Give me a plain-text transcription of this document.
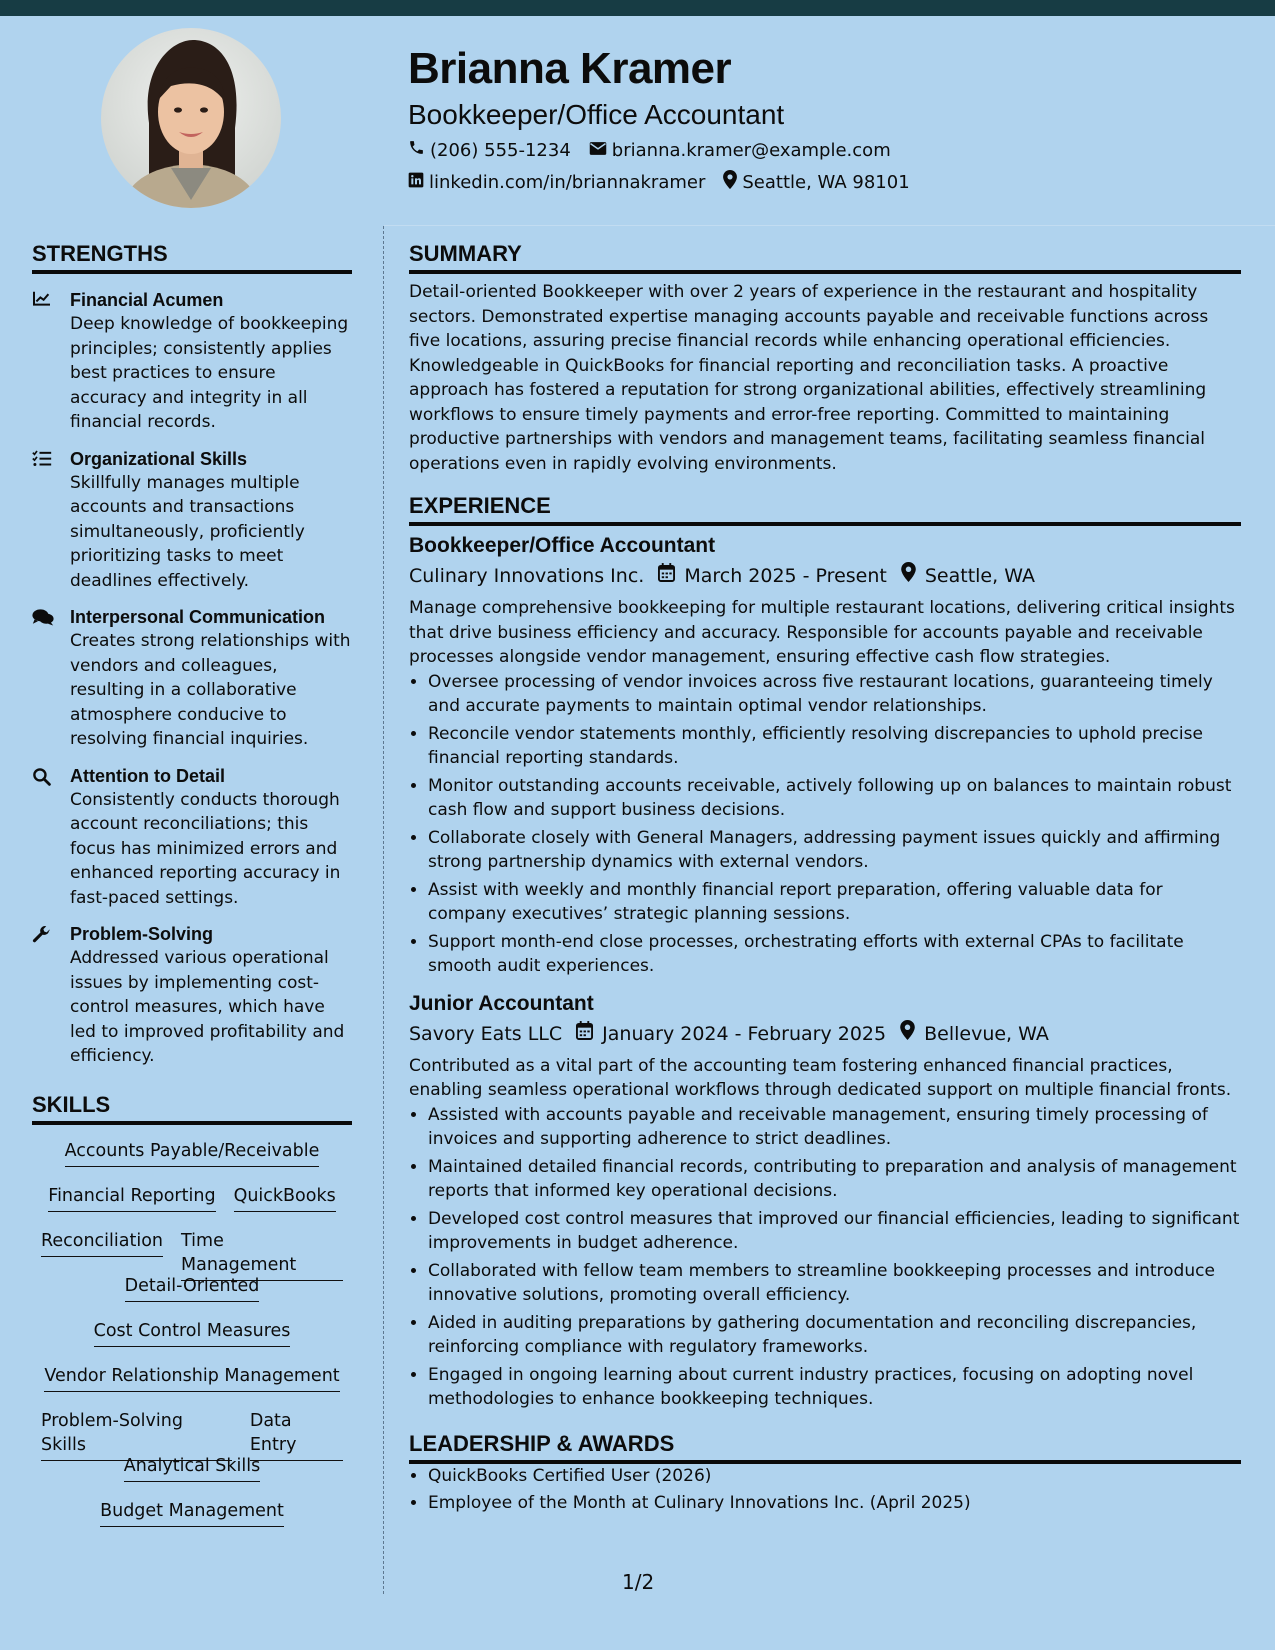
Brianna Kramer
Bookkeeper/Office Accountant
(206) 555-1234 brianna.kramer@example.com
linkedin.com/in/briannakramer Seattle, WA 98101
STRENGTHS
Financial Acumen
Deep knowledge of bookkeeping principles; consistently applies best practices to ensure accuracy and integrity in all financial records.
Organizational Skills
Skillfully manages multiple accounts and transactions simultaneously, proficiently prioritizing tasks to meet deadlines effectively.
Interpersonal Communication
Creates strong relationships with vendors and colleagues, resulting in a collaborative atmosphere conducive to resolving financial inquiries.
Attention to Detail
Consistently conducts thorough account reconciliations; this focus has minimized errors and enhanced reporting accuracy in fast-paced settings.
Problem-Solving
Addressed various operational issues by implementing cost-control measures, which have led to improved profitability and efficiency.
SKILLS
Accounts Payable/Receivable
Financial Reporting QuickBooks
Reconciliation Time Management
Detail-Oriented
Cost Control Measures
Vendor Relationship Management
Problem-Solving Skills
Data Entry
Analytical Skills
Budget Management
SUMMARY

Detail-oriented Bookkeeper with over 2 years of experience in the restaurant and hospitality sectors. Demonstrated expertise managing accounts payable and receivable functions across five locations, assuring precise financial records while enhancing operational efficiencies. Knowledgeable in QuickBooks for financial reporting and reconciliation tasks. A proactive approach has fostered a reputation for strong organizational abilities, effectively streamlining workflows to ensure timely payments and error-free reporting. Committed to maintaining productive partnerships with vendors and management teams, facilitating seamless financial operations even in rapidly evolving environments.

EXPERIENCE
Bookkeeper/Office Accountant
Culinary Innovations Inc. March 2025 - Present Seattle, WA
Manage comprehensive bookkeeping for multiple restaurant locations, delivering critical insights that drive business efficiency and accuracy. Responsible for accounts payable and receivable processes alongside vendor management, ensuring effective cash flow strategies.
• Oversee processing of vendor invoices across five restaurant locations, guaranteeing timely and accurate payments to maintain optimal vendor relationships.
• Reconcile vendor statements monthly, efficiently resolving discrepancies to uphold precise financial reporting standards.
• Monitor outstanding accounts receivable, actively following up on balances to maintain robust cash flow and support business decisions.
• Collaborate closely with General Managers, addressing payment issues quickly and affirming strong partnership dynamics with external vendors.
• Assist with weekly and monthly financial report preparation, offering valuable data for company executives’ strategic planning sessions.
• Support month-end close processes, orchestrating efforts with external CPAs to facilitate smooth audit experiences.
Junior Accountant
Savory Eats LLC January 2024 - February 2025 Bellevue, WA
Contributed as a vital part of the accounting team fostering enhanced financial practices, enabling seamless operational workflows through dedicated support on multiple financial fronts.
• Assisted with accounts payable and receivable management, ensuring timely processing of invoices and supporting adherence to strict deadlines.
• Maintained detailed financial records, contributing to preparation and analysis of management reports that informed key operational decisions.
• Developed cost control measures that improved our financial efficiencies, leading to significant improvements in budget adherence.
• Collaborated with fellow team members to streamline bookkeeping processes and introduce innovative solutions, promoting overall efficiency.
• Aided in auditing preparations by gathering documentation and reconciling discrepancies, reinforcing compliance with regulatory frameworks.
• Engaged in ongoing learning about current industry practices, focusing on adopting novel methodologies to enhance bookkeeping techniques.
LEADERSHIP & AWARDS
• QuickBooks Certified User (2026)
• Employee of the Month at Culinary Innovations Inc. (April 2025)
1/2
